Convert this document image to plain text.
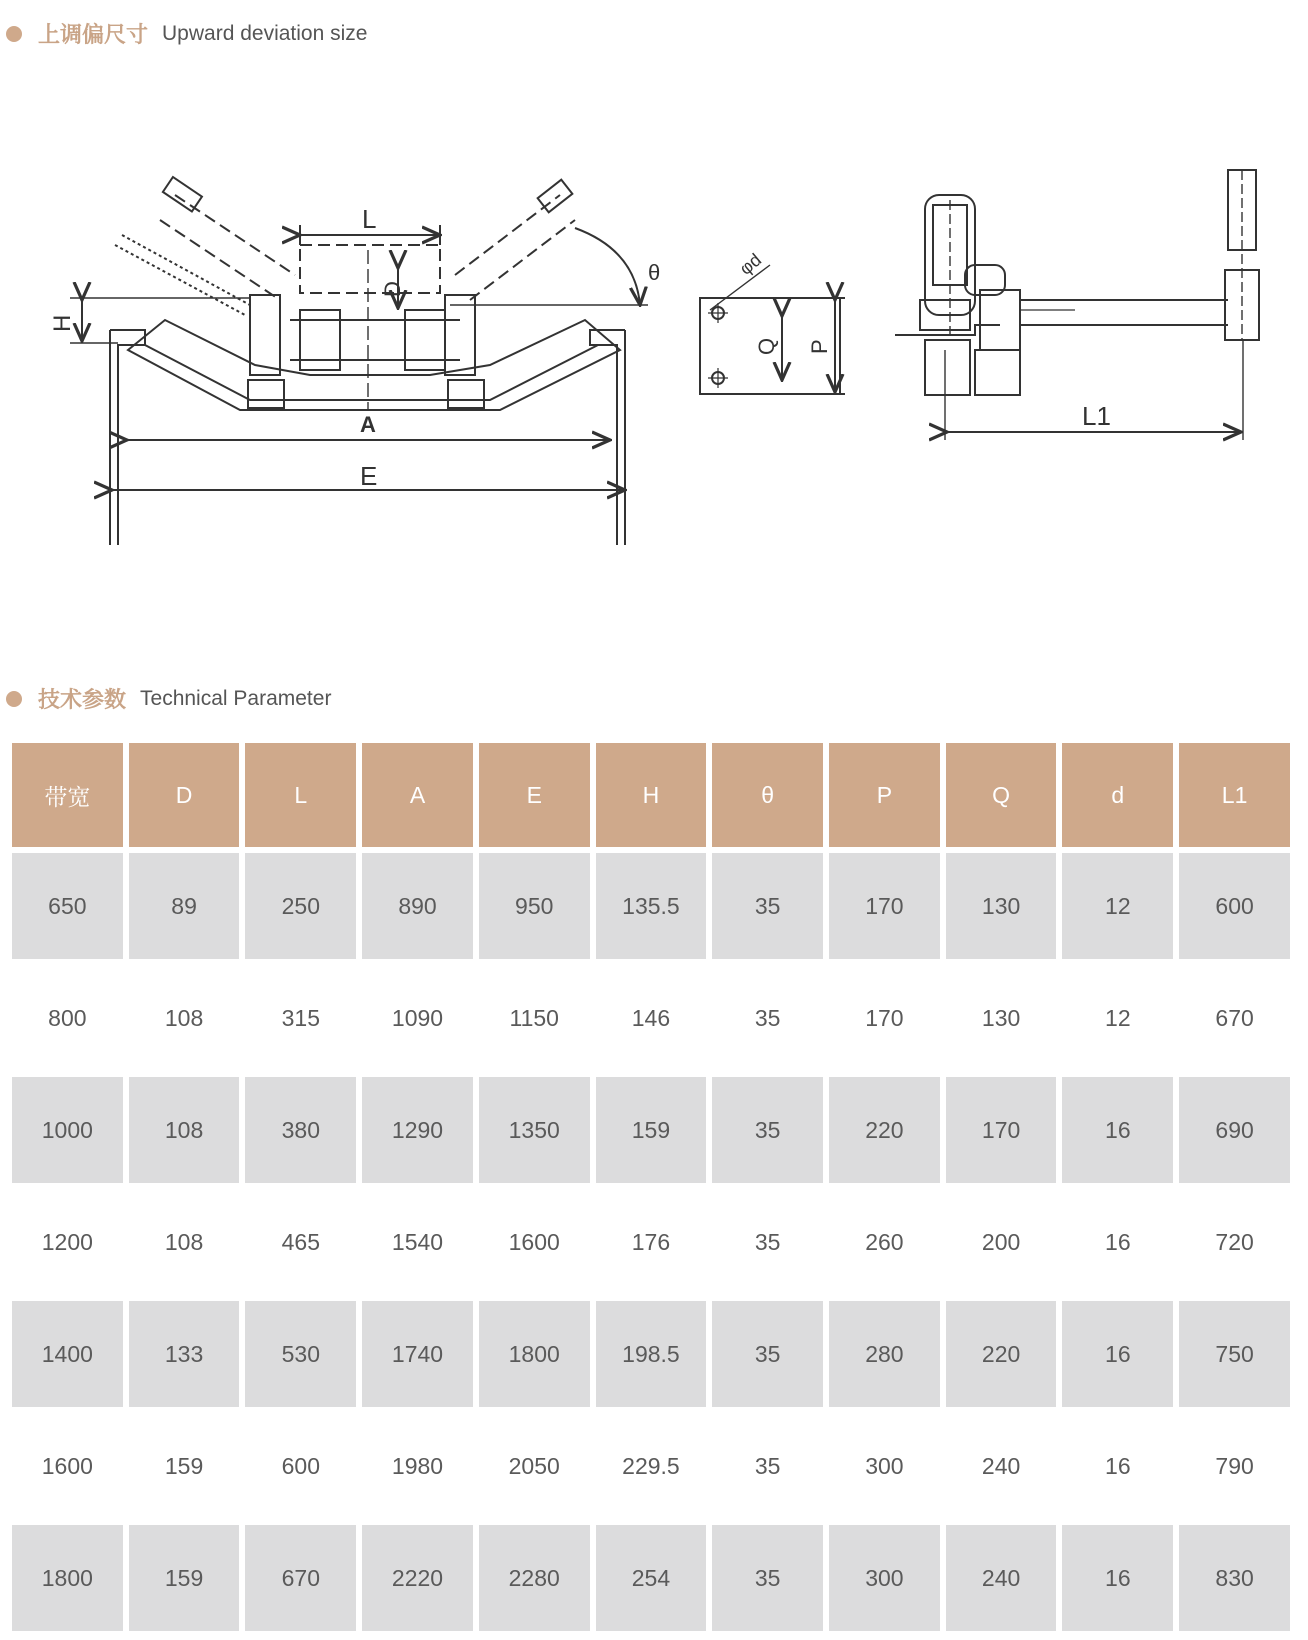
上调偏尺寸 Upward deviation size
L
D
H
θ
A
E
φd
Q P
L1
技术参数 Technical Parameter
带宽	D	L	A	E	H	θ	P	Q	d	L1
650	89	250	890	950	135.5	35	170	130	12	600
800	108	315	1090	1150	146	35	170	130	12	670
1000	108	380	1290	1350	159	35	220	170	16	690
1200	108	465	1540	1600	176	35	260	200	16	720
1400	133	530	1740	1800	198.5	35	280	220	16	750
1600	159	600	1980	2050	229.5	35	300	240	16	790
1800	159	670	2220	2280	254	35	300	240	16	830
